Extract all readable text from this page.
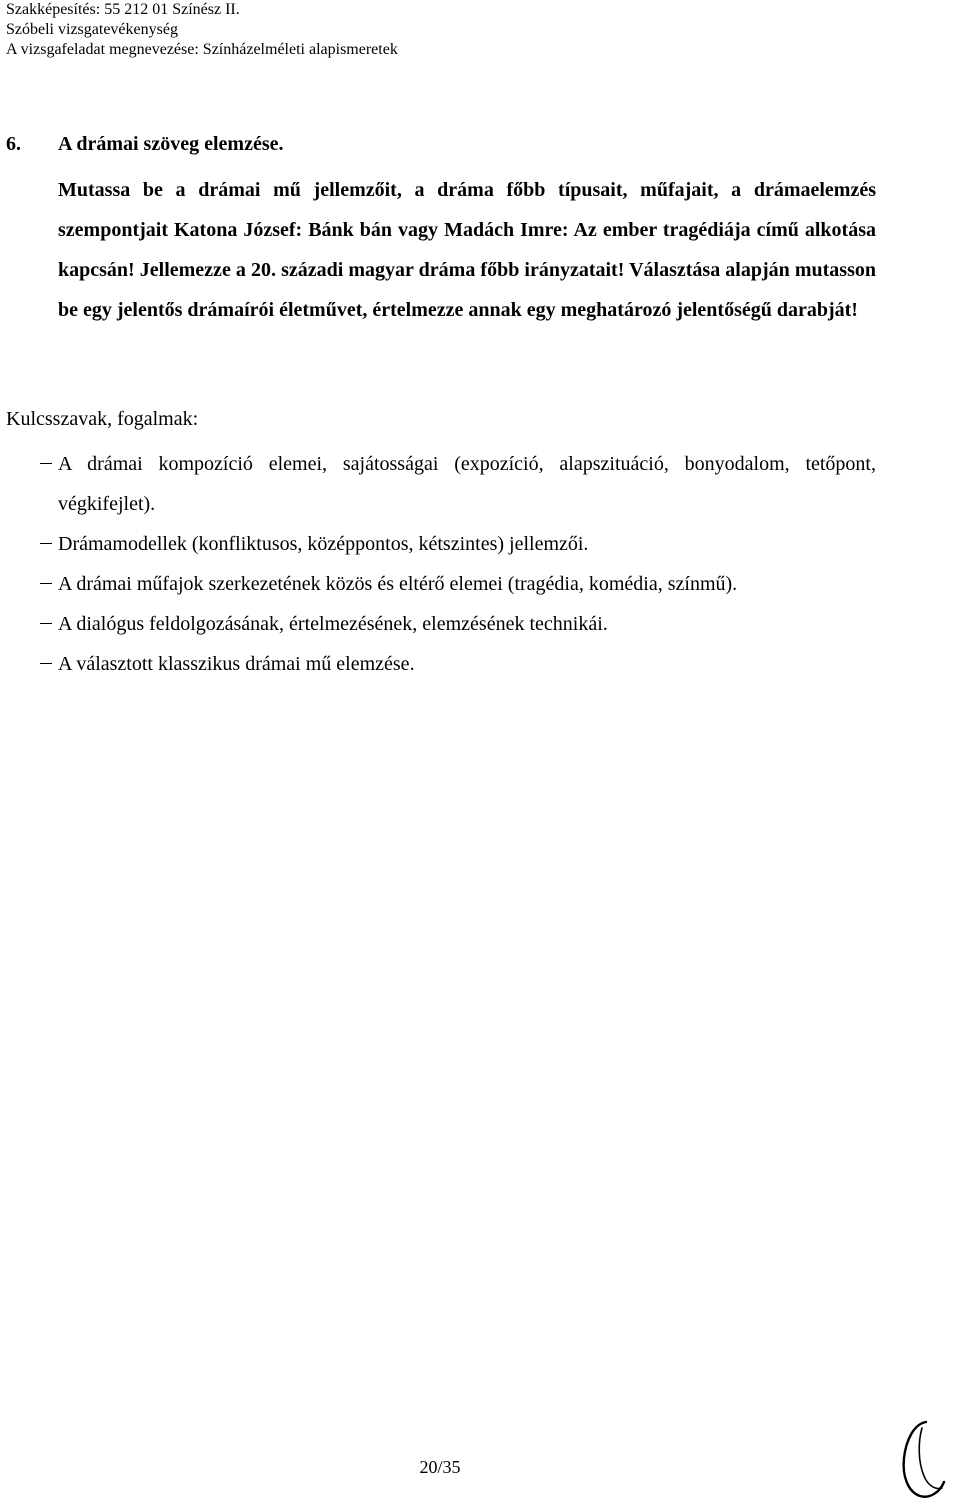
Szakképesítés: 55 212 01 Színész II.
Szóbeli vizsgatevékenység
A vizsgafeladat megnevezése: Színházelméleti alapismeretek
6. A drámai szöveg elemzése.
Mutassa be a drámai mű jellemzőit, a dráma főbb típusait, műfajait, a drámaelemzés szempontjait Katona József: Bánk bán vagy Madách Imre: Az ember tragédiája című alkotása kapcsán! Jellemezze a 20. századi magyar dráma főbb irányzatait! Választása alapján mutasson be egy jelentős drámaírói életművet, értelmezze annak egy meghatározó jelentőségű darabját!
Kulcsszavak, fogalmak:
A drámai kompozíció elemei, sajátosságai (expozíció, alapszituáció, bonyodalom, tetőpont, végkifejlet).
Drámamodellek (konfliktusos, középpontos, kétszintes) jellemzői.
A drámai műfajok szerkezetének közös és eltérő elemei (tragédia, komédia, színmű).
A dialógus feldolgozásának, értelmezésének, elemzésének technikái.
A választott klasszikus drámai mű elemzése.
20/35
